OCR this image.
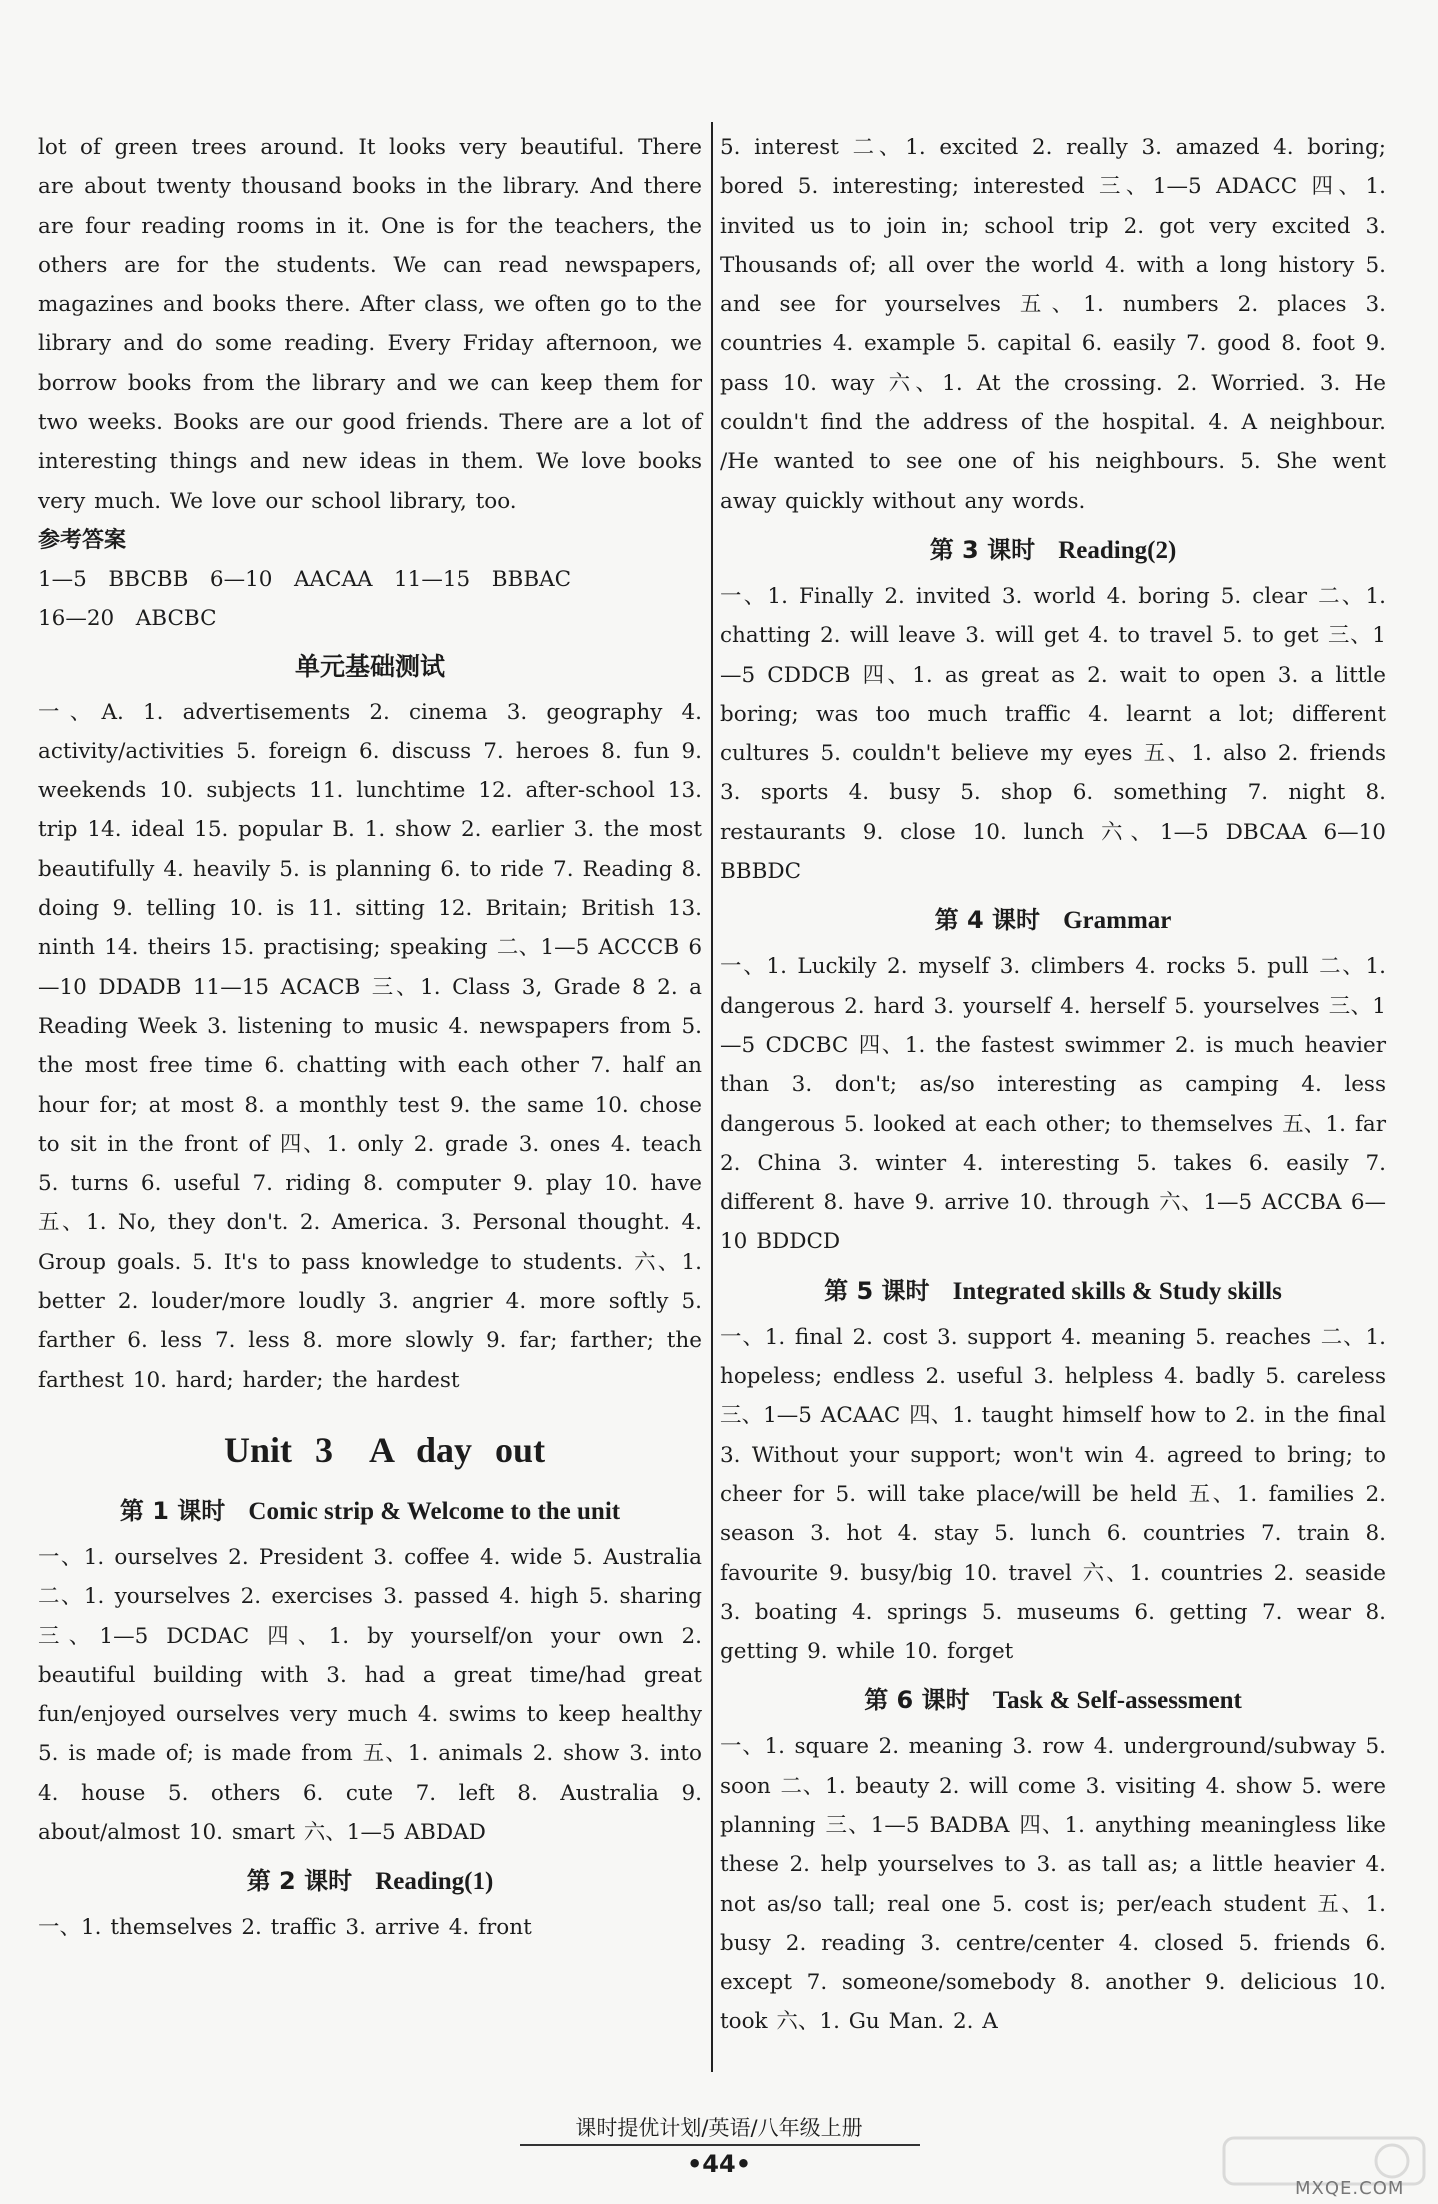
lot of green trees around. It looks very beautiful. There are about twenty thousand books in the library. And there are four reading rooms in it. One is for the teachers, the others are for the students. We can read newspapers, magazines and books there. After class, we often go to the library and do some reading. Every Friday afternoon, we borrow books from the library and we can keep them for two weeks. Books are our good friends. There are a lot of interesting things and new ideas in them. We love books very much. We love our school library, too.

参考答案

1—5　BBCBB　6—10　AACAA　11—15　BBBAC

16—20　ABCBC

单元基础测试

一、A. 1. advertisements 2. cinema 3. geography 4. activity/activities 5. foreign 6. discuss 7. heroes 8. fun 9. weekends 10. subjects 11. lunchtime 12. after-school 13. trip 14. ideal 15. popular B. 1. show 2. earlier 3. the most beautifully 4. heavily 5. is planning 6. to ride 7. Reading 8. doing 9. telling 10. is 11. sitting 12. Britain; British 13. ninth 14. theirs 15. practising; speaking 二、1—5 ACCCB 6—10 DDADB 11—15 ACACB 三、1. Class 3, Grade 8 2. a Reading Week 3. listening to music 4. newspapers from 5. the most free time 6. chatting with each other 7. half an hour for; at most 8. a monthly test 9. the same 10. chose to sit in the front of 四、1. only 2. grade 3. ones 4. teach 5. turns 6. useful 7. riding 8. computer 9. play 10. have 五、1. No, they don't. 2. America. 3. Personal thought. 4. Group goals. 5. It's to pass knowledge to students. 六、1. better 2. louder/more loudly 3. angrier 4. more softly 5. farther 6. less 7. less 8. more slowly 9. far; farther; the farthest 10. hard; harder; the hardest

Unit 3　A day out
第 1 课时 Comic strip & Welcome to the unit

一、1. ourselves 2. President 3. coffee 4. wide 5. Australia 二、1. yourselves 2. exercises 3. passed 4. high 5. sharing 三、1—5 DCDAC 四、1. by yourself/on your own 2. beautiful building with 3. had a great time/had great fun/enjoyed ourselves very much 4. swims to keep healthy 5. is made of; is made from 五、1. animals 2. show 3. into 4. house 5. others 6. cute 7. left 8. Australia 9. about/almost 10. smart 六、1—5 ABDAD

第 2 课时 Reading(1)

一、1. themselves 2. traffic 3. arrive 4. front

5. interest 二、1. excited 2. really 3. amazed 4. boring; bored 5. interesting; interested 三、1—5 ADACC 四、1. invited us to join in; school trip 2. got very excited 3. Thousands of; all over the world 4. with a long history 5. and see for yourselves 五、1. numbers 2. places 3. countries 4. example 5. capital 6. easily 7. good 8. foot 9. pass 10. way 六、1. At the crossing. 2. Worried. 3. He couldn't find the address of the hospital. 4. A neighbour. /He wanted to see one of his neighbours. 5. She went away quickly without any words.

第 3 课时 Reading(2)

一、1. Finally 2. invited 3. world 4. boring 5. clear 二、1. chatting 2. will leave 3. will get 4. to travel 5. to get 三、1—5 CDDCB 四、1. as great as 2. wait to open 3. a little boring; was too much traffic 4. learnt a lot; different cultures 5. couldn't believe my eyes 五、1. also 2. friends 3. sports 4. busy 5. shop 6. something 7. night 8. restaurants 9. close 10. lunch 六、1—5 DBCAA 6—10 BBBDC

第 4 课时 Grammar

一、1. Luckily 2. myself 3. climbers 4. rocks 5. pull 二、1. dangerous 2. hard 3. yourself 4. herself 5. yourselves 三、1—5 CDCBC 四、1. the fastest swimmer 2. is much heavier than 3. don't; as/so interesting as camping 4. less dangerous 5. looked at each other; to themselves 五、1. far 2. China 3. winter 4. interesting 5. takes 6. easily 7. different 8. have 9. arrive 10. through 六、1—5 ACCBA 6—10 BDDCD

第 5 课时 Integrated skills & Study skills

一、1. final 2. cost 3. support 4. meaning 5. reaches 二、1. hopeless; endless 2. useful 3. helpless 4. badly 5. careless 三、1—5 ACAAC 四、1. taught himself how to 2. in the final 3. Without your support; won't win 4. agreed to bring; to cheer for 5. will take place/will be held 五、1. families 2. season 3. hot 4. stay 5. lunch 6. countries 7. train 8. favourite 9. busy/big 10. travel 六、1. countries 2. seaside 3. boating 4. springs 5. museums 6. getting 7. wear 8. getting 9. while 10. forget

第 6 课时 Task & Self-assessment

一、1. square 2. meaning 3. row 4. underground/subway 5. soon 二、1. beauty 2. will come 3. visiting 4. show 5. were planning 三、1—5 BADBA 四、1. anything meaningless like these 2. help yourselves to 3. as tall as; a little heavier 4. not as/so tall; real one 5. cost is; per/each student 五、1. busy 2. reading 3. centre/center 4. closed 5. friends 6. except 7. someone/somebody 8. another 9. delicious 10. took 六、1. Gu Man. 2. A

课时提优计划/英语/八年级上册
•44•
MXQE.COM
